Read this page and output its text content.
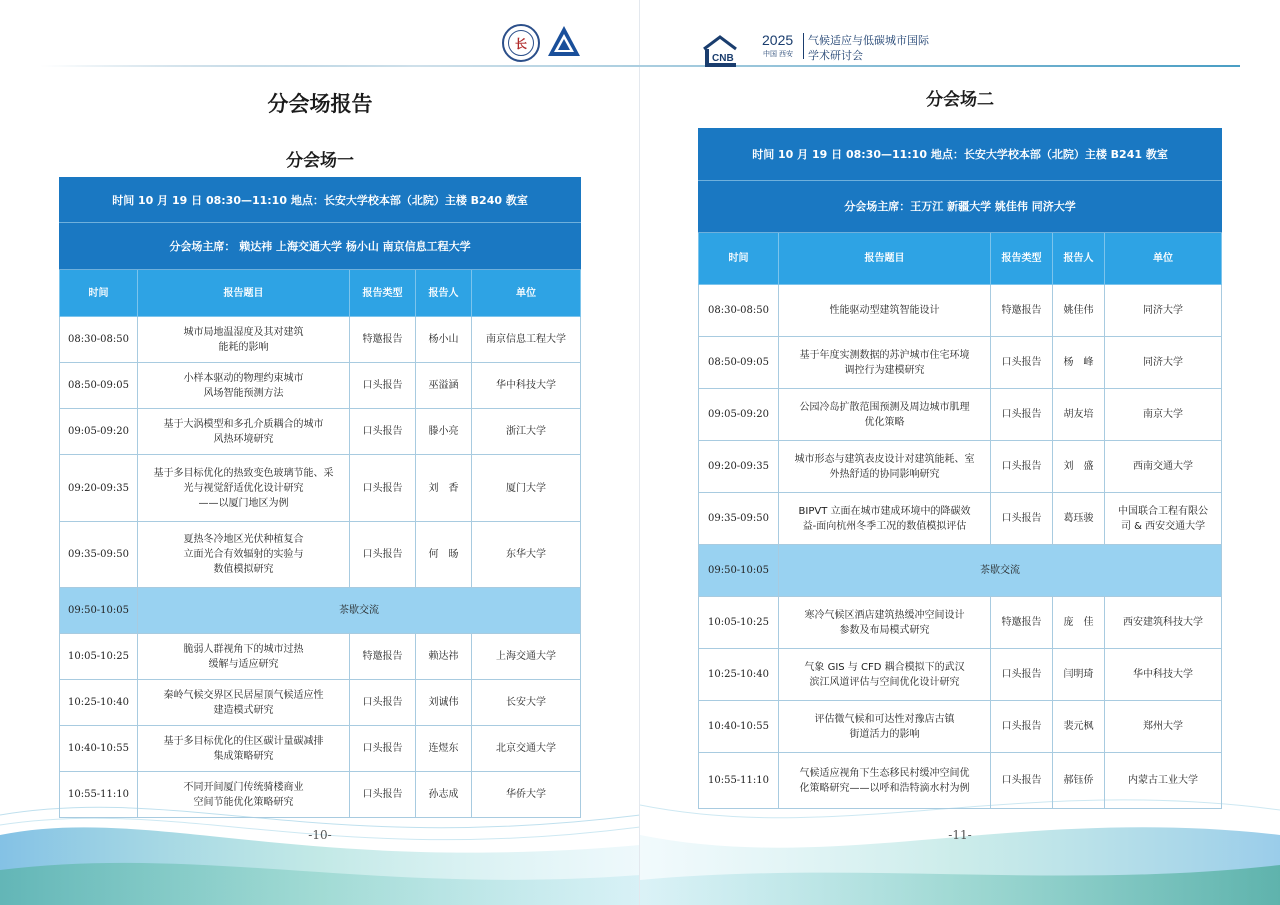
长
分会场报告
分会场一
时间 10 月 19 日 08:30—11:10 地点：长安大学校本部（北院）主楼 B240 教室				
分会场主席： 赖达祎 上海交通大学 杨小山 南京信息工程大学				
时间	报告题目	报告类型	报告人	单位
08:30-08:50	城市局地温湿度及其对建筑
能耗的影响	特邀报告	杨小山	南京信息工程大学
08:50-09:05	小样本驱动的物理约束城市
风场智能预测方法	口头报告	巫溢涵	华中科技大学
09:05-09:20	基于大涡模型和多孔介质耦合的城市
风热环境研究	口头报告	滕小亮	浙江大学
09:20-09:35	基于多目标优化的热致变色玻璃节能、采
光与视觉舒适优化设计研究
——以厦门地区为例	口头报告	刘　香	厦门大学
09:35-09:50	夏热冬冷地区光伏种植复合
立面光合有效辐射的实验与
数值模拟研究	口头报告	何　旸	东华大学
09:50-10:05	茶歇交流			
10:05-10:25	脆弱人群视角下的城市过热
缓解与适应研究	特邀报告	赖达祎	上海交通大学
10:25-10:40	秦岭气候交界区民居屋顶气候适应性
建造模式研究	口头报告	刘诚伟	长安大学
10:40-10:55	基于多目标优化的住区碳计量碳减排
集成策略研究	口头报告	连煜东	北京交通大学
10:55-11:10	不同开间厦门传统骑楼商业
空间节能优化策略研究	口头报告	孙志成	华侨大学
-10-
CNB
2025
中国 西安
气候适应与低碳城市国际
学术研讨会
分会场二
时间 10 月 19 日 08:30—11:10 地点：长安大学校本部（北院）主楼 B241 教室				
分会场主席：王万江 新疆大学 姚佳伟 同济大学				
时间	报告题目	报告类型	报告人	单位
08:30-08:50	性能驱动型建筑智能设计	特邀报告	姚佳伟	同济大学
08:50-09:05	基于年度实测数据的苏沪城市住宅环境
调控行为建模研究	口头报告	杨　峰	同济大学
09:05-09:20	公园冷岛扩散范围预测及周边城市肌理
优化策略	口头报告	胡友培	南京大学
09:20-09:35	城市形态与建筑表皮设计对建筑能耗、室
外热舒适的协同影响研究	口头报告	刘　盛	西南交通大学
09:35-09:50	BIPVT 立面在城市建成环境中的降碳效
益-面向杭州冬季工况的数值模拟评估	口头报告	葛珏骏	中国联合工程有限公
司 & 西安交通大学
09:50-10:05	茶歇交流			
10:05-10:25	寒冷气候区酒店建筑热缓冲空间设计
参数及布局模式研究	特邀报告	庞　佳	西安建筑科技大学
10:25-10:40	气象 GIS 与 CFD 耦合模拟下的武汉
滨江风道评估与空间优化设计研究	口头报告	闫明琦	华中科技大学
10:40-10:55	评估微气候和可达性对豫店古镇
街道活力的影响	口头报告	裴元枫	郑州大学
10:55-11:10	气候适应视角下生态移民村缓冲空间优
化策略研究——以呼和浩特滴水村为例	口头报告	郝钰侨	内蒙古工业大学
-11-
